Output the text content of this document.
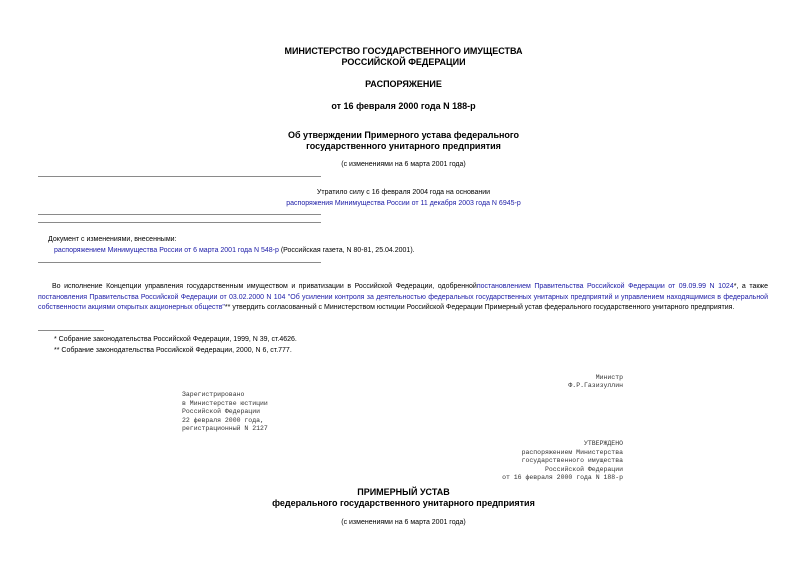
МИНИСТЕРСТВО ГОСУДАРСТВЕННОГО ИМУЩЕСТВА
РОССИЙСКОЙ ФЕДЕРАЦИИ
РАСПОРЯЖЕНИЕ
от 16 февраля 2000 года N 188-р
Об утверждении Примерного устава федерального
государственного унитарного предприятия
(с изменениями на 6 марта 2001 года)
Утратило силу с 16 февраля 2004 года на основании
распоряжения Минимущества России от 11 декабря 2003 года N 6945-р
Документ с изменениями, внесенными:
распоряжением Минимущества России от 6 марта 2001 года N 548-р (Российская газета, N 80-81, 25.04.2001).
Во исполнение Концепции управления государственным имуществом и приватизации в Российской Федерации, одобреннойпостановлением Правительства Российской Федерации от 09.09.99 N 1024*, а также постановления Правительства Российской Федерации от 03.02.2000 N 104 "Об усилении контроля за деятельностью федеральных государственных унитарных предприятий и управлением находящимися в федеральной собственности акциями открытых акционерных обществ"** утвердить согласованный с Министерством юстиции Российской Федерации Примерный устав федерального государственного унитарного предприятия.
* Собрание законодательства Российской Федерации, 1999, N 39, ст.4626.
** Собрание законодательства Российской Федерации, 2000, N 6, ст.777.
Министр
Ф.Р.Газизуллин
Зарегистрировано
в Министерстве юстиции
Российской Федерации
22 февраля 2000 года,
регистрационный N 2127
УТВЕРЖДЕНО
распоряжением Министерства
государственного имущества
Российской Федерации
от 16 февраля 2000 года N 188-р
ПРИМЕРНЫЙ УСТАВ
федерального государственного унитарного предприятия
(с изменениями на 6 марта 2001 года)
